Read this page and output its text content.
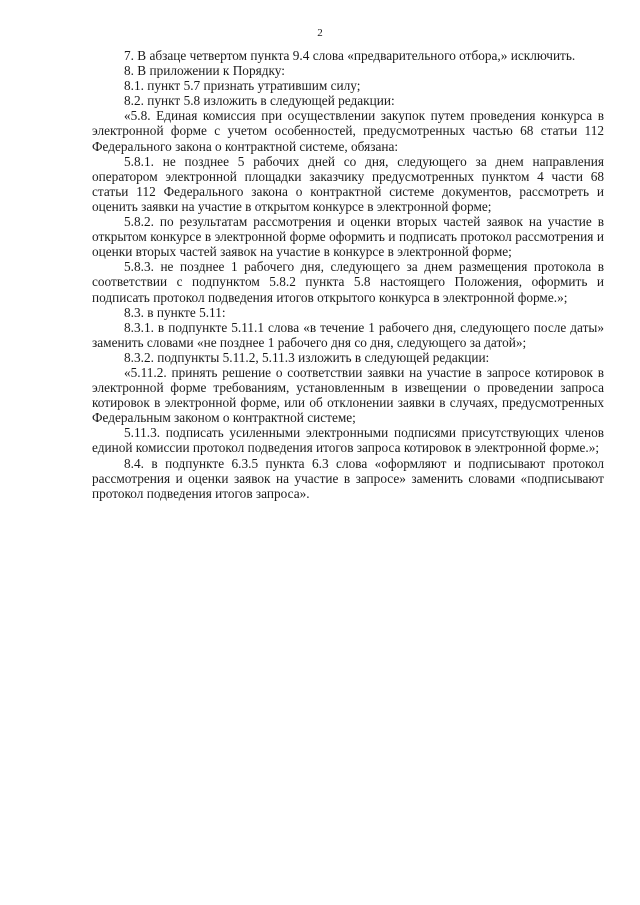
2

7. В абзаце четвертом пункта 9.4 слова «предварительного отбора,» исключить.

8. В приложении к Порядку:

8.1. пункт 5.7 признать утратившим силу;

8.2. пункт 5.8 изложить в следующей редакции:

«5.8. Единая комиссия при осуществлении закупок путем проведения конкурса в электронной форме с учетом особенностей, предусмотренных частью 68 статьи 112 Федерального закона о контрактной системе, обязана:

5.8.1. не позднее 5 рабочих дней со дня, следующего за днем направления оператором электронной площадки заказчику предусмотренных пунктом 4 части 68 статьи 112 Федерального закона о контрактной системе документов, рассмотреть и оценить заявки на участие в открытом конкурсе в электронной форме;

5.8.2. по результатам рассмотрения и оценки вторых частей заявок на участие в открытом конкурсе в электронной форме оформить и подписать протокол рассмотрения и оценки вторых частей заявок на участие в конкурсе в электронной форме;

5.8.3. не позднее 1 рабочего дня, следующего за днем размещения протокола в соответствии с подпунктом 5.8.2 пункта 5.8 настоящего Положения, оформить и подписать протокол подведения итогов открытого конкурса в электронной форме.»;

8.3. в пункте 5.11:

8.3.1. в подпункте 5.11.1 слова «в течение 1 рабочего дня, следующего после даты» заменить словами «не позднее 1 рабочего дня со дня, следующего за датой»;

8.3.2. подпункты 5.11.2, 5.11.3 изложить в следующей редакции:

«5.11.2. принять решение о соответствии заявки на участие в запросе котировок в электронной форме требованиям, установленным в извещении о проведении запроса котировок в электронной форме, или об отклонении заявки в случаях, предусмотренных Федеральным законом о контрактной системе;

5.11.3. подписать усиленными электронными подписями присутствующих членов единой комиссии протокол подведения итогов запроса котировок в электронной форме.»;

8.4. в подпункте 6.3.5 пункта 6.3 слова «оформляют и подписывают протокол рассмотрения и оценки заявок на участие в запросе» заменить словами «подписывают протокол подведения итогов запроса».
